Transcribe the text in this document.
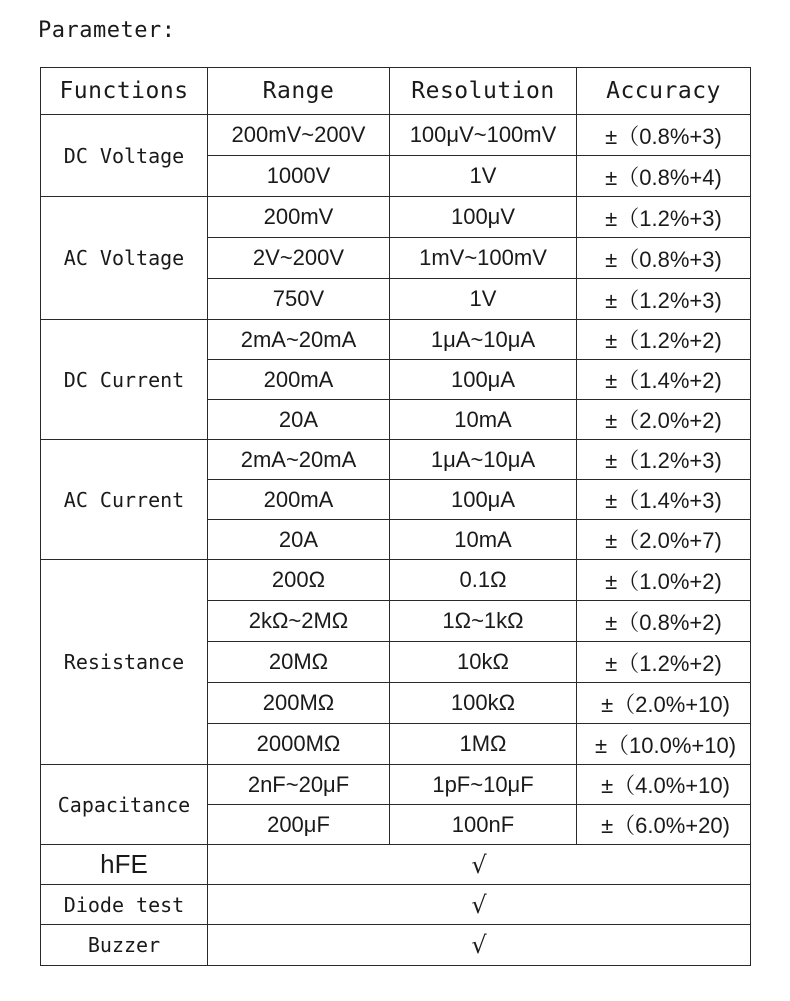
Parameter:
Functions	Range	Resolution	Accuracy
DC Voltage	200mV~200V	100μV~100mV	±（0.8%+3)
	1000V	1V	±（0.8%+4)
AC Voltage	200mV	100μV	±（1.2%+3)
	2V~200V	1mV~100mV	±（0.8%+3)
	750V	1V	±（1.2%+3)
DC Current	2mA~20mA	1μA~10μA	±（1.2%+2)
	200mA	100μA	±（1.4%+2)
	20A	10mA	±（2.0%+2)
AC Current	2mA~20mA	1μA~10μA	±（1.2%+3)
	200mA	100μA	±（1.4%+3)
	20A	10mA	±（2.0%+7)
Resistance	200Ω	0.1Ω	±（1.0%+2)
	2kΩ~2MΩ	1Ω~1kΩ	±（0.8%+2)
	20MΩ	10kΩ	±（1.2%+2)
	200MΩ	100kΩ	±（2.0%+10)
	2000MΩ	1MΩ	±（10.0%+10)
Capacitance	2nF~20μF	1pF~10μF	±（4.0%+10)
	200μF	100nF	±（6.0%+20)
hFE	√		
Diode test	√		
Buzzer	√		
